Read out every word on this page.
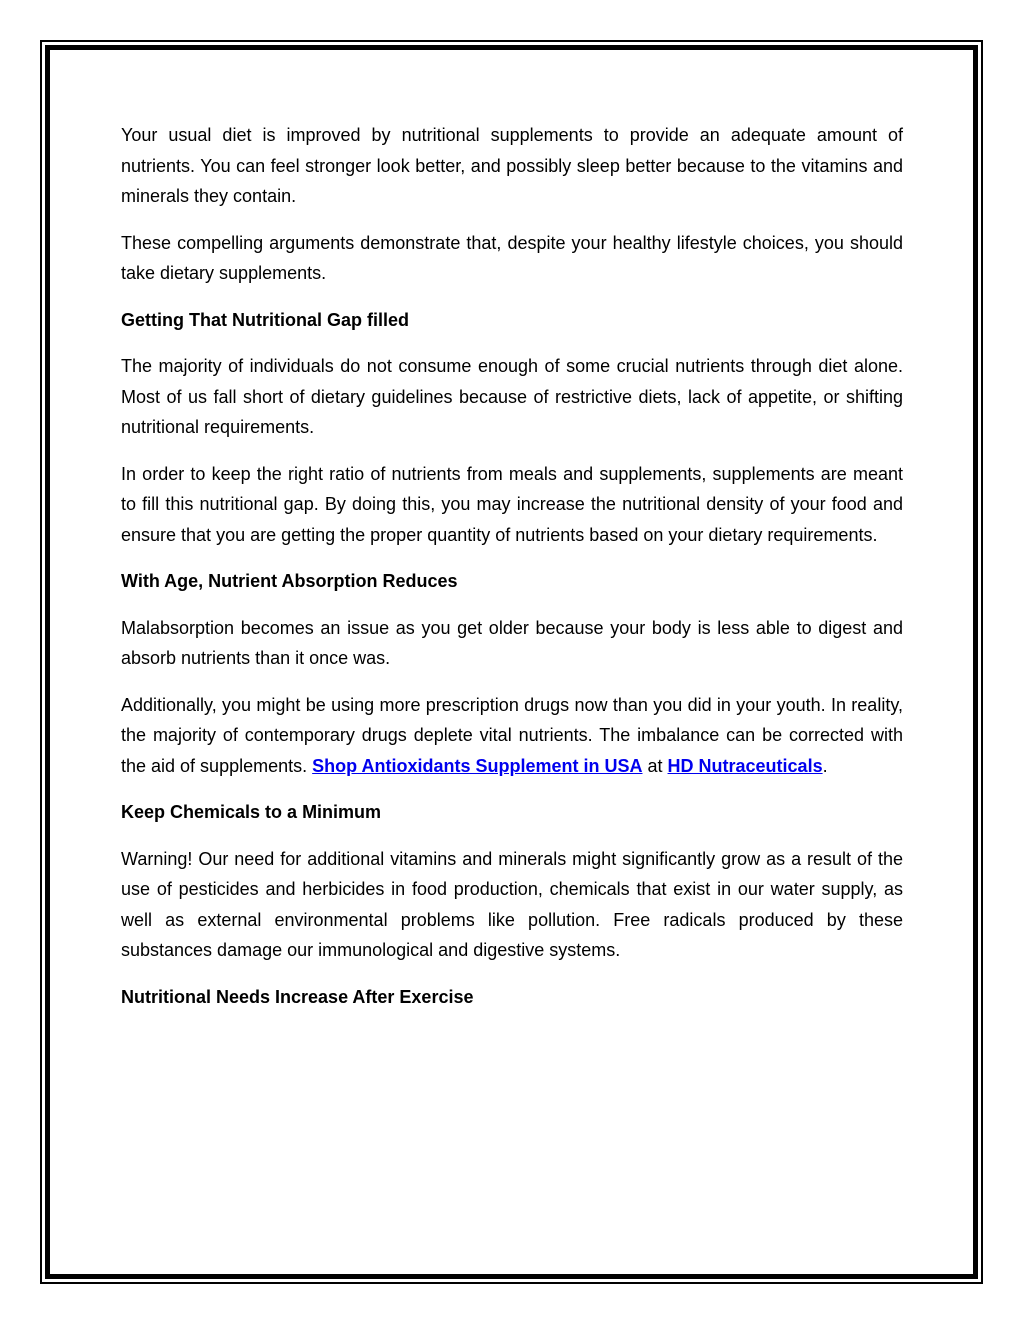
Your usual diet is improved by nutritional supplements to provide an adequate amount of nutrients. You can feel stronger look better, and possibly sleep better because to the vitamins and minerals they contain.

These compelling arguments demonstrate that, despite your healthy lifestyle choices, you should take dietary supplements.

Getting That Nutritional Gap filled

The majority of individuals do not consume enough of some crucial nutrients through diet alone. Most of us fall short of dietary guidelines because of restrictive diets, lack of appetite, or shifting nutritional requirements.

In order to keep the right ratio of nutrients from meals and supplements, supplements are meant to fill this nutritional gap. By doing this, you may increase the nutritional density of your food and ensure that you are getting the proper quantity of nutrients based on your dietary requirements.

With Age, Nutrient Absorption Reduces

Malabsorption becomes an issue as you get older because your body is less able to digest and absorb nutrients than it once was.

Additionally, you might be using more prescription drugs now than you did in your youth. In reality, the majority of contemporary drugs deplete vital nutrients. The imbalance can be corrected with the aid of supplements. Shop Antioxidants Supplement in USA at HD Nutraceuticals.

Keep Chemicals to a Minimum

Warning! Our need for additional vitamins and minerals might significantly grow as a result of the use of pesticides and herbicides in food production, chemicals that exist in our water supply, as well as external environmental problems like pollution. Free radicals produced by these substances damage our immunological and digestive systems.

Nutritional Needs Increase After Exercise
